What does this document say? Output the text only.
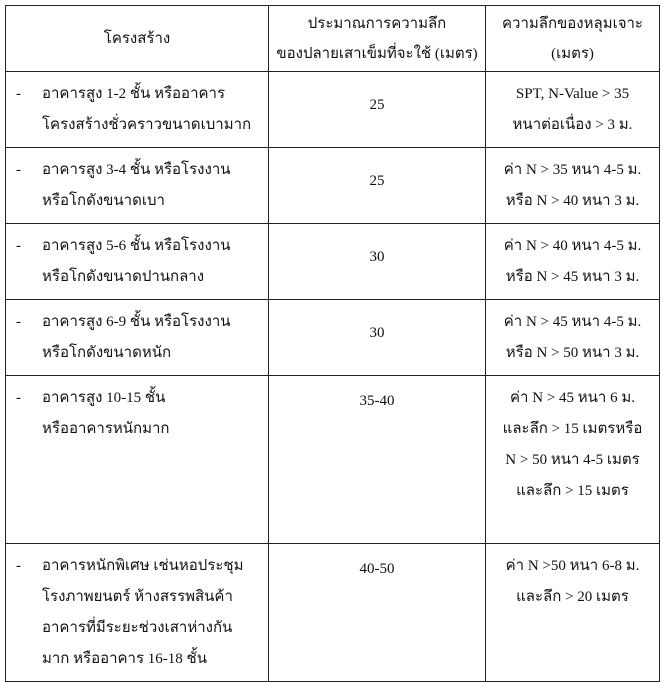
โครงสร้าง	ประมาณการความลึก
ของปลายเสาเข็มที่จะใช้ (เมตร)	ความลึกของหลุมเจาะ
(เมตร)

- อาคารสูง 1-2 ชั้น หรืออาคาร
โครงสร้างชั่วคราวขนาดเบามาก	25	SPT, N-Value > 35
หนาต่อเนื่อง > 3 ม.

- อาคารสูง 3-4 ชั้น หรือโรงงาน
หรือโกดังขนาดเบา	25	ค่า N > 35 หนา 4-5 ม.
หรือ N > 40 หนา 3 ม.

- อาคารสูง 5-6 ชั้น หรือโรงงาน
หรือโกดังขนาดปานกลาง	30	ค่า N > 40 หนา 4-5 ม.
หรือ N > 45 หนา 3 ม.

- อาคารสูง 6-9 ชั้น หรือโรงงาน
หรือโกดังขนาดหนัก	30	ค่า N > 45 หนา 4-5 ม.
หรือ N > 50 หนา 3 ม.

- อาคารสูง 10-15 ชั้น
หรืออาคารหนักมาก	35-40	ค่า N > 45 หนา 6 ม.
และลึก > 15 เมตรหรือ
N > 50 หนา 4-5 เมตร
และลึก > 15 เมตร

- อาคารหนักพิเศษ เช่นหอประชุม
โรงภาพยนตร์ ห้างสรรพสินค้า
อาคารที่มีระยะช่วงเสาห่างกัน
มาก หรืออาคาร 16-18 ชั้น	40-50	ค่า N >50 หนา 6-8 ม.
และลึก > 20 เมตร
